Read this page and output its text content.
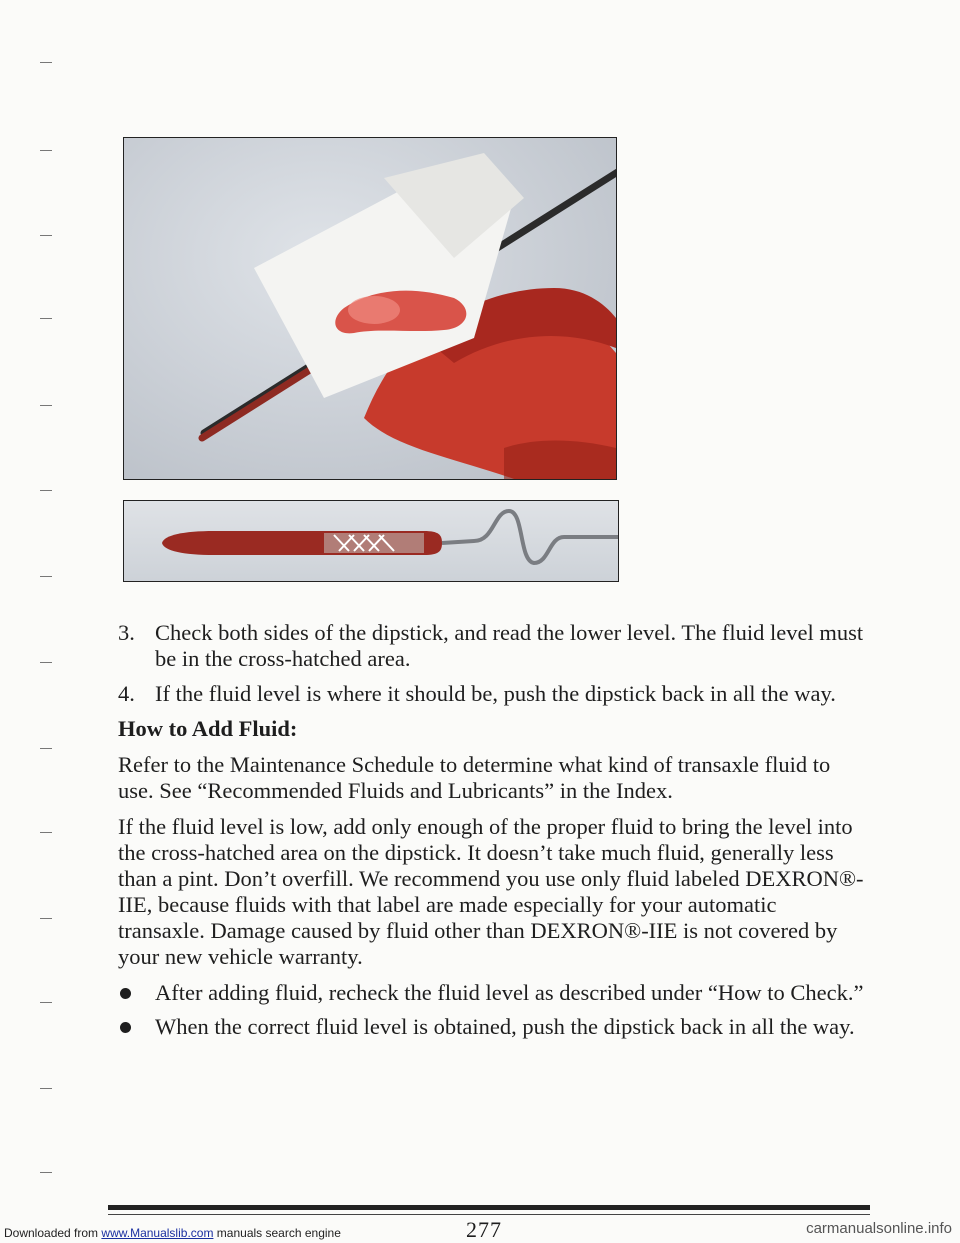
3. Check both sides of the dipstick, and read the lower level. The fluid level must be in the cross-hatched area.
4. If the fluid level is where it should be, push the dipstick back in all the way.
How to Add Fluid:
Refer to the Maintenance Schedule to determine what kind of transaxle fluid to use. See “Recommended Fluids and Lubricants” in the Index.
If the fluid level is low, add only enough of the proper fluid to bring the level into the cross-hatched area on the dipstick. It doesn’t take much fluid, generally less than a pint. Don’t overfill. We recommend you use only fluid labeled DEXRON®-IIE, because fluids with that label are made especially for your automatic transaxle. Damage caused by fluid other than DEXRON®-IIE is not covered by your new vehicle warranty.
After adding fluid, recheck the fluid level as described under “How to Check.”
When the correct fluid level is obtained, push the dipstick back in all the way.
277
Downloaded from www.Manualslib.com manuals search engine	carmanualsonline.info
